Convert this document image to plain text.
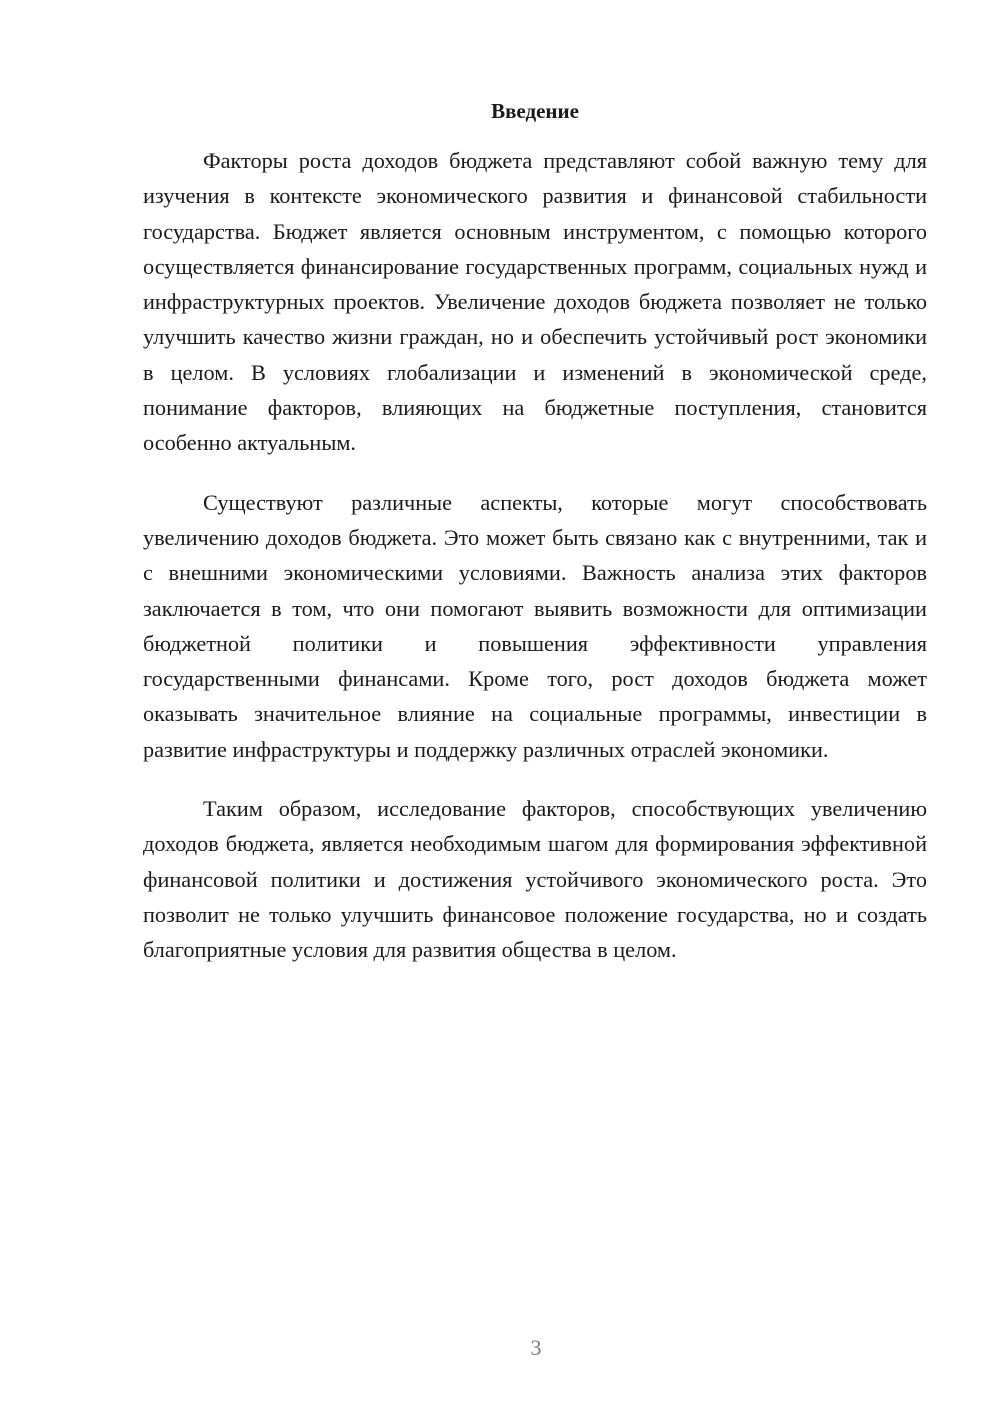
Введение

Факторы роста доходов бюджета представляют собой важную тему для изучения в контексте экономического развития и финансовой стабильности государства. Бюджет является основным инструментом, с помощью которого осуществляется финансирование государственных программ, социальных нужд и инфраструктурных проектов. Увеличение доходов бюджета позволяет не только улучшить качество жизни граждан, но и обеспечить устойчивый рост экономики в целом. В условиях глобализации и изменений в экономической среде, понимание факторов, влияющих на бюджетные поступления, становится особенно актуальным.

Существуют различные аспекты, которые могут способствовать увеличению доходов бюджета. Это может быть связано как с внутренними, так и с внешними экономическими условиями. Важность анализа этих факторов заключается в том, что они помогают выявить возможности для оптимизации бюджетной политики и повышения эффективности управления государственными финансами. Кроме того, рост доходов бюджета может оказывать значительное влияние на социальные программы, инвестиции в развитие инфраструктуры и поддержку различных отраслей экономики.

Таким образом, исследование факторов, способствующих увеличению доходов бюджета, является необходимым шагом для формирования эффективной финансовой политики и достижения устойчивого экономического роста. Это позволит не только улучшить финансовое положение государства, но и создать благоприятные условия для развития общества в целом.

3
